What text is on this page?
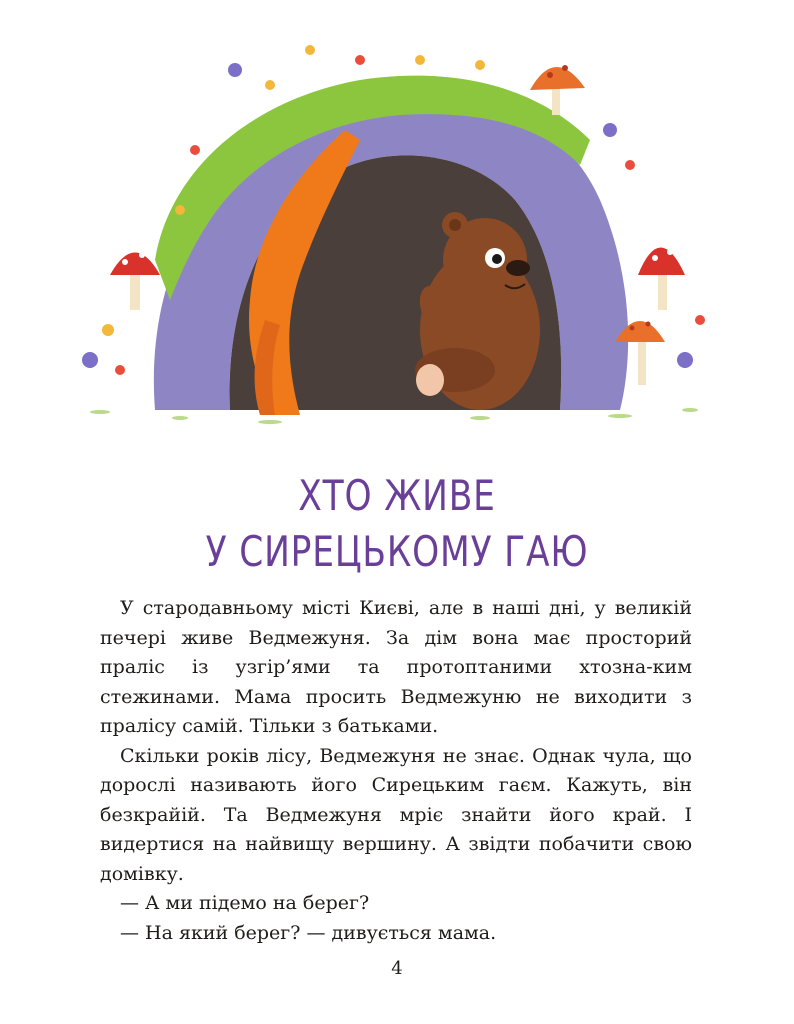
ХТО ЖИВЕ
У СИРЕЦЬКОМУ ГАЮ

У стародавньому місті Києві, але в наші дні, у великій печері живе Ведмежуня. За дім вона має просторий праліс із узгір’ями та протоптаними хтозна-ким стежинами. Мама просить Ведмежуню не виходити з пралісу самій. Тільки з батьками.

Скільки років лісу, Ведмежуня не знає. Однак чула, що дорослі називають його Сирецьким гаєм. Кажуть, він безкрайій. Та Ведмежуня мріє знайти його край. І видертися на найвищу вершину. А звідти побачити свою домівку.

— А ми підемо на берег?

— На який берег? — дивується мама.

4
